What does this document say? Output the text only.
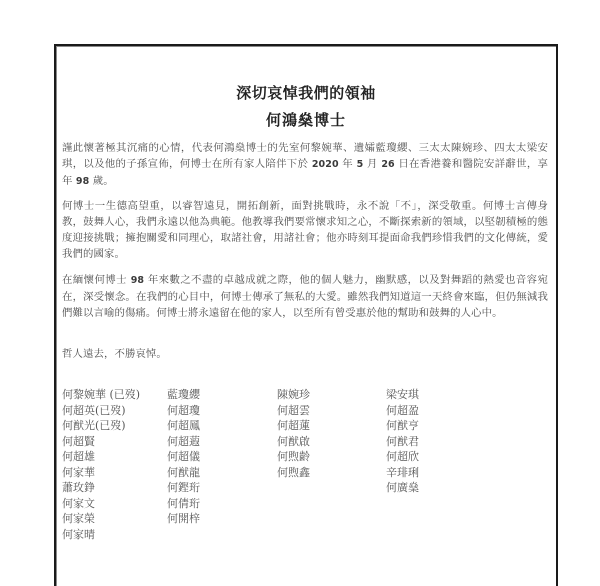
深切哀悼我們的領袖
何鴻燊博士
謹此懷著極其沉痛的心情，代表何鴻燊博士的先室何黎婉華、遺孀藍瓊纓、三太太陳婉珍、四太太梁安琪，以及他的子孫宣佈，何博士在所有家人陪伴下於 2020 年 5 月 26 日在香港養和醫院安詳辭世，享年 98 歲。
何博士一生德高望重，以睿智遠見，開拓創新，面對挑戰時，永不說「不」，深受敬重。何博士言傳身教，鼓舞人心，我們永遠以他為典範。他教導我們要常懷求知之心，不斷探索新的領域，以堅韌積極的態度迎接挑戰；擁抱關愛和同理心，取諸社會，用諸社會；他亦時刻耳提面命我們珍惜我們的文化傳統，愛我們的國家。
在緬懷何博士 98 年來數之不盡的卓越成就之際，他的個人魅力，幽默感，以及對舞蹈的熱愛也音容宛在，深受懷念。在我們的心目中，何博士傳承了無私的大愛。雖然我們知道這一天終會來臨，但仍無減我們難以言喻的傷痛。何博士將永遠留在他的家人，以至所有曾受惠於他的幫助和鼓舞的人心中。
哲人遠去，不勝哀悼。
何黎婉華 (已歿)
何超英(已歿)
何猷光(已歿)
何超賢
何超雄
何家華
蕭玫錚
何家文
何家榮
何家晴
藍瓊纓
何超瓊
何超鳳
何超蕸
何超儀
何猷龍
何鏗珩
何倩珩
何開梓
陳婉珍
何超雲
何超蓮
何猷啟
何煦齡
何煦鑫
梁安琪
何超盈
何猷亨
何猷君
何超欣
辛琲琍
何廣燊
